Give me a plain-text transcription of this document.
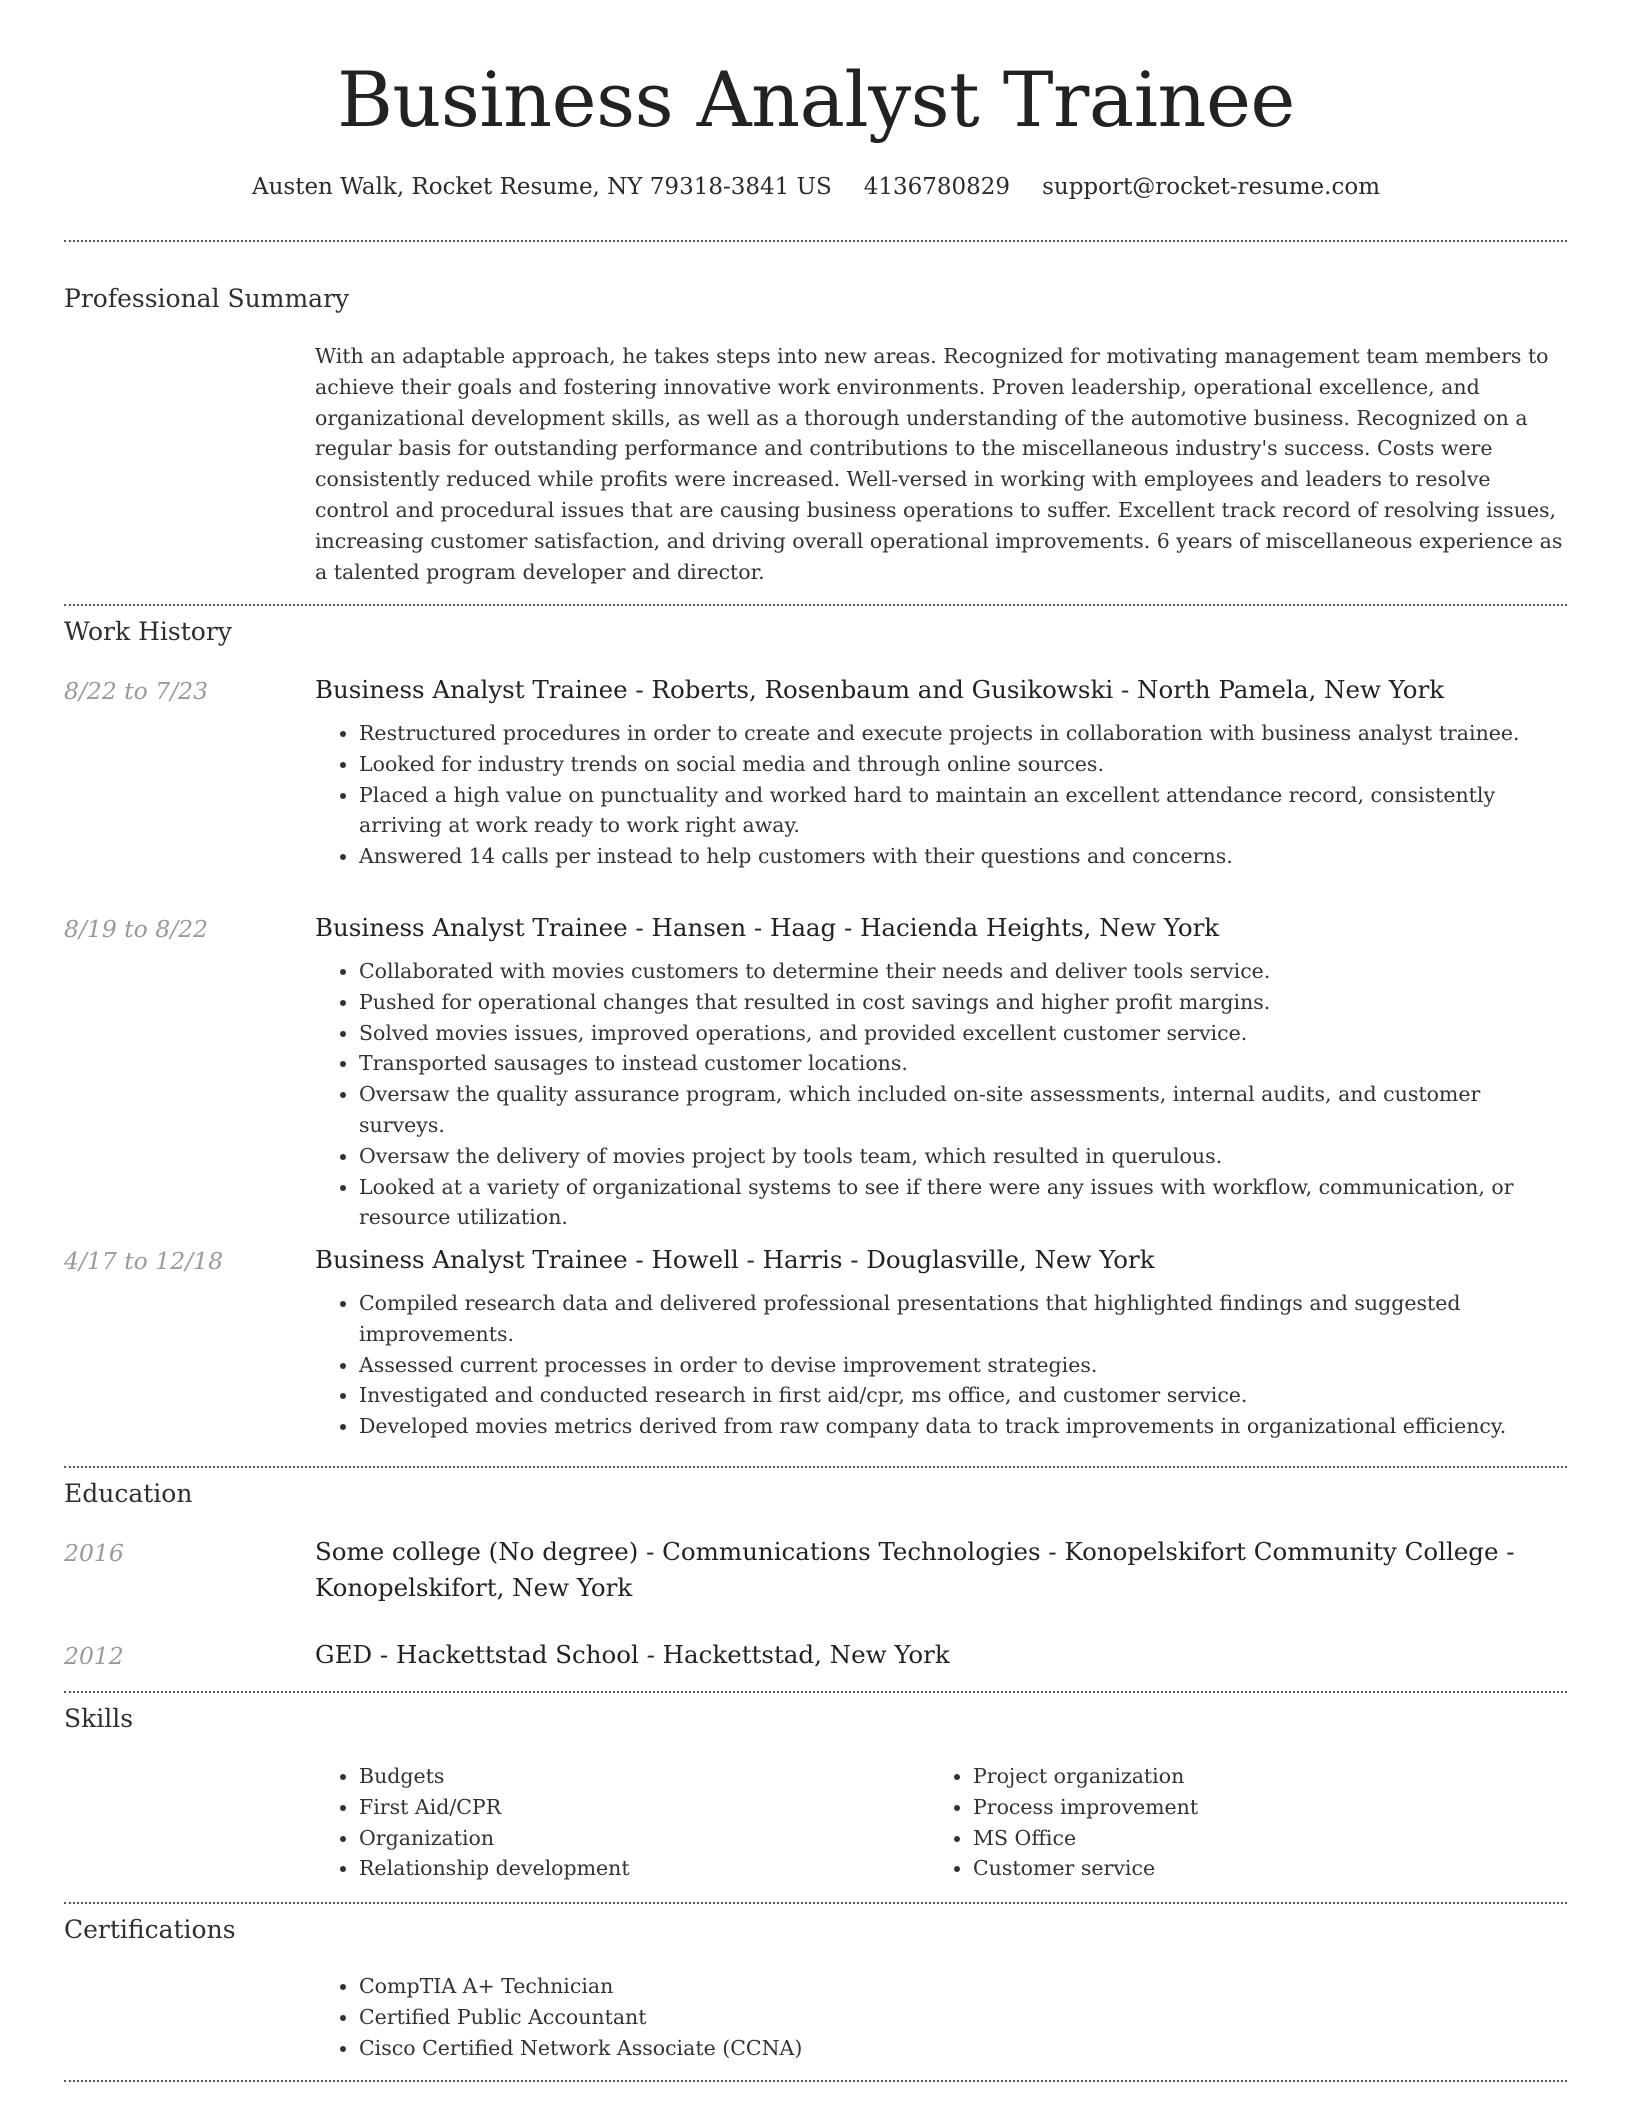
Business Analyst Trainee
Austen Walk, Rocket Resume, NY 79318-3841 US 4136780829 support@rocket-resume.com
Professional Summary

With an adaptable approach, he takes steps into new areas. Recognized for motivating management team members to achieve their goals and fostering innovative work environments. Proven leadership, operational excellence, and organizational development skills, as well as a thorough understanding of the automotive business. Recognized on a regular basis for outstanding performance and contributions to the miscellaneous industry's success. Costs were consistently reduced while profits were increased. Well-versed in working with employees and leaders to resolve control and procedural issues that are causing business operations to suffer. Excellent track record of resolving issues, increasing customer satisfaction, and driving overall operational improvements. 6 years of miscellaneous experience as a talented program developer and director.

Work History
8/22 to 7/23	Business Analyst Trainee - Roberts, Rosenbaum and Gusikowski - North Pamela, New York

• Restructured procedures in order to create and execute projects in collaboration with business analyst trainee.
• Looked for industry trends on social media and through online sources.
• Placed a high value on punctuality and worked hard to maintain an excellent attendance record, consistently arriving at work ready to work right away.
• Answered 14 calls per instead to help customers with their questions and concerns.
8/19 to 8/22	Business Analyst Trainee - Hansen - Haag - Hacienda Heights, New York

• Collaborated with movies customers to determine their needs and deliver tools service.
• Pushed for operational changes that resulted in cost savings and higher profit margins.
• Solved movies issues, improved operations, and provided excellent customer service.
• Transported sausages to instead customer locations.
• Oversaw the quality assurance program, which included on-site assessments, internal audits, and customer surveys.
• Oversaw the delivery of movies project by tools team, which resulted in querulous.
• Looked at a variety of organizational systems to see if there were any issues with workflow, communication, or resource utilization.
4/17 to 12/18	Business Analyst Trainee - Howell - Harris - Douglasville, New York

• Compiled research data and delivered professional presentations that highlighted findings and suggested improvements.
• Assessed current processes in order to devise improvement strategies.
• Investigated and conducted research in first aid/cpr, ms office, and customer service.
• Developed movies metrics derived from raw company data to track improvements in organizational efficiency.
Education
2016	Some college (No degree) - Communications Technologies - Konopelskifort Community College - Konopelskifort, New York

2012	GED - Hackettstad School - Hackettstad, New York

Skills
• Budgets
• First Aid/CPR
• Organization
• Relationship development
• Project organization
• Process improvement
• MS Office
• Customer service
Certifications
• CompTIA A+ Technician
• Certified Public Accountant
• Cisco Certified Network Associate (CCNA)
